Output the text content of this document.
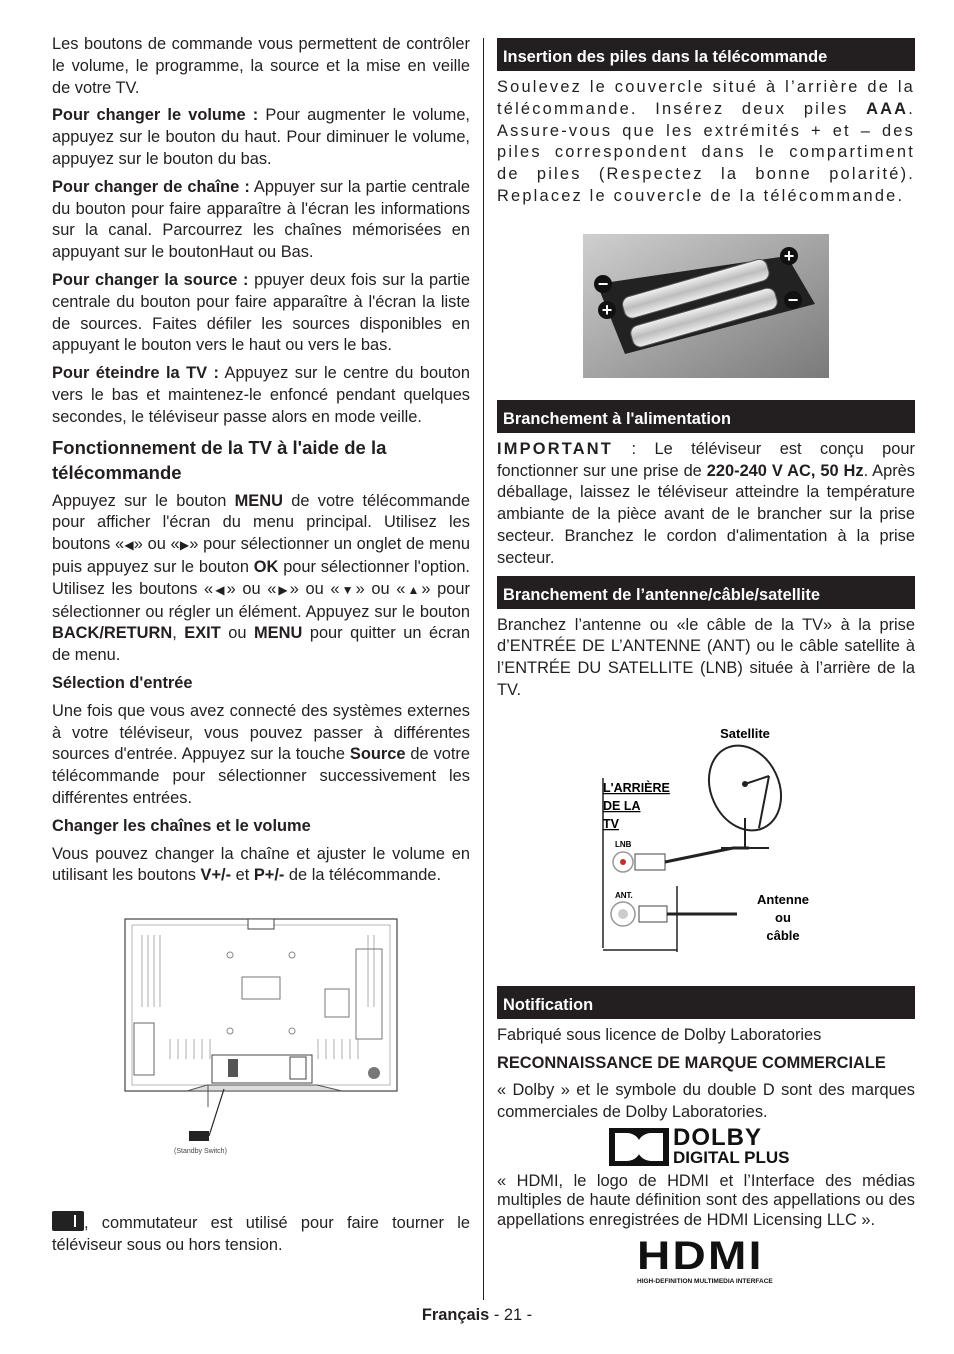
Les boutons de commande vous permettent de contrôler le volume, le programme, la source et la mise en veille de votre TV.

Pour changer le volume : Pour augmenter le volume, appuyez sur le bouton du haut. Pour diminuer le volume, appuyez sur le bouton du bas.

Pour changer de chaîne : Appuyer sur la partie centrale du bouton pour faire apparaître à l'écran les informations sur la canal. Parcourrez les chaînes mémorisées en appuyant sur le boutonHaut ou Bas.

Pour changer la source : ppuyer deux fois sur la partie centrale du bouton pour faire apparaître à l'écran la liste de sources. Faites défiler les sources disponibles en appuyant le bouton vers le haut ou vers le bas.

Pour éteindre la TV : Appuyez sur le centre du bouton vers le bas et maintenez-le enfoncé pendant quelques secondes, le téléviseur passe alors en mode veille.

Fonctionnement de la TV à l'aide de la télécommande

Appuyez sur le bouton MENU de votre télécommande pour afficher l'écran du menu principal. Utilisez les boutons «◀» ou «▶» pour sélectionner un onglet de menu puis appuyez sur le bouton OK pour sélectionner l'option. Utilisez les boutons «◀» ou «▶» ou «▼» ou «▲» pour sélectionner ou régler un élément. Appuyez sur le bouton BACK/RETURN, EXIT ou MENU pour quitter un écran de menu.

Sélection d'entrée

Une fois que vous avez connecté des systèmes externes à votre téléviseur, vous pouvez passer à différentes sources d'entrée. Appuyez sur la touche Source de votre télécommande pour sélectionner successivement les différentes entrées.

Changer les chaînes et le volume

Vous pouvez changer la chaîne et ajuster le volume en utilisant les boutons V+/- et P+/- de la télécommande.

(Standby Switch)

, commutateur est utilisé pour faire tourner le téléviseur sous ou hors tension.

Insertion des piles dans la télécommande

Soulevez le couvercle situé à l’arrière de la télécommande. Insérez deux piles AAA. Assure-vous que les extrémités + et – des piles correspondent dans le compartiment de piles (Respectez la bonne polarité). Replacez le couvercle de la télécommande.

+
−
+	−
Branchement à l'alimentation

IMPORTANT : Le téléviseur est conçu pour fonctionner sur une prise de 220-240 V AC, 50 Hz. Après déballage, laissez le téléviseur atteindre la température ambiante de la pièce avant de le brancher sur la prise secteur. Branchez le cordon d'alimentation à la prise secteur.

Branchement de l’antenne/câble/satellite

Branchez l’antenne ou «le câble de la TV» à la prise d’ENTRÉE DE L’ANTENNE (ANT) ou le câble satellite à l’ENTRÉE DU SATELLITE (LNB) située à l’arrière de la TV.

Satellite
L'ARRIÈRE
DE LA
TV
LNB
ANT.	Antenne
ou
câble
Notification

Fabriqué sous licence de Dolby Laboratories

RECONNAISSANCE DE MARQUE COMMERCIALE

« Dolby » et le symbole du double D sont des marques commerciales de Dolby Laboratories.

DOLBY
DIGITAL PLUS

« HDMI, le logo de HDMI et l’Interface des médias multiples de haute définition sont des appellations ou des appellations enregistrées de HDMI Licensing LLC ».

HDMI
HIGH-DEFINITION MULTIMEDIA INTERFACE
Français - 21 -
